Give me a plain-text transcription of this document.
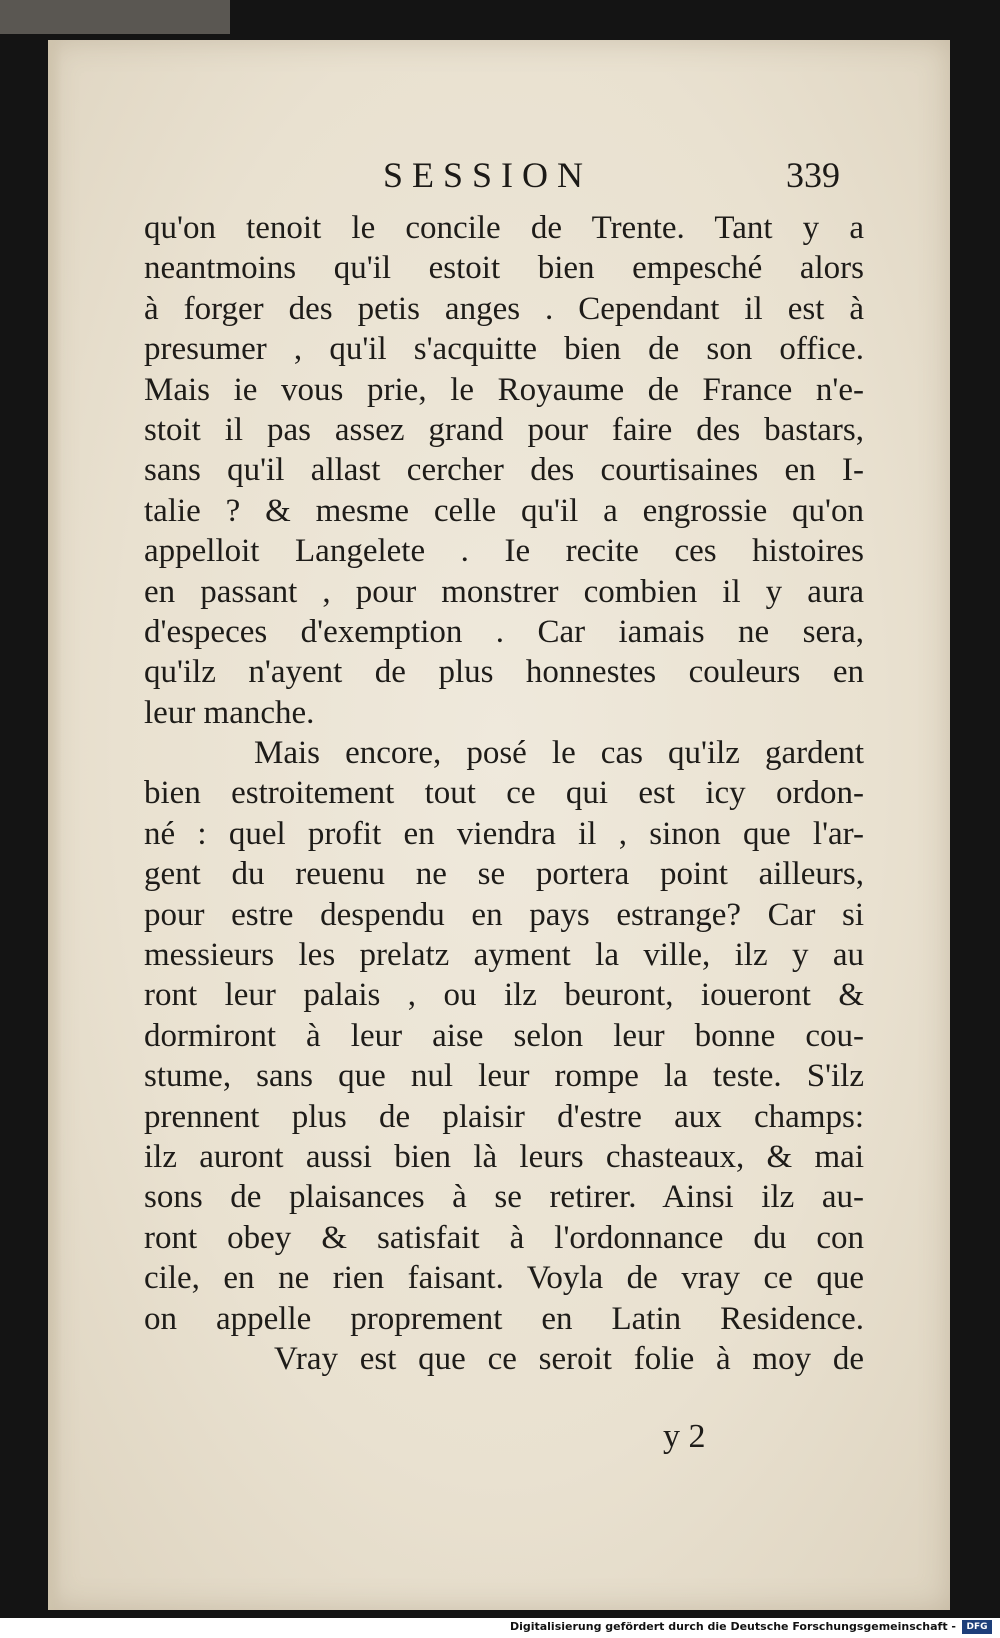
SESSION	339
qu'on tenoit le concile de Trente. Tant y a
neantmoins qu'il estoit bien empesché alors
à forger des petis anges . Cependant il est à
presumer , qu'il s'acquitte bien de son office.
Mais ie vous prie, le Royaume de France n'e-
stoit il pas assez grand pour faire des bastars,
sans qu'il allast cercher des courtisaines en I-
talie ? & mesme celle qu'il a engrossie qu'on
appelloit Langelete . Ie recite ces histoires
en passant , pour monstrer combien il y aura
d'especes d'exemption . Car iamais ne sera,
qu'ilz n'ayent de plus honnestes couleurs en
leur manche.
Mais encore, posé le cas qu'ilz gardent
bien estroitement tout ce qui est icy ordon-
né : quel profit en viendra il , sinon que l'ar-
gent du reuenu ne se portera point ailleurs,
pour estre despendu en pays estrange? Car si
messieurs les prelatz ayment la ville, ilz y au
ront leur palais , ou ilz beuront, ioueront &
dormiront à leur aise selon leur bonne cou-
stume, sans que nul leur rompe la teste. S'ilz
prennent plus de plaisir d'estre aux champs:
ilz auront aussi bien là leurs chasteaux, & mai
sons de plaisances à se retirer. Ainsi ilz au-
ront obey & satisfait à l'ordonnance du con
cile, en ne rien faisant. Voyla de vray ce que
on appelle proprement en Latin Residence.
Vray est que ce seroit folie à moy de
y 2
Digitalisierung gefördert durch die Deutsche Forschungsgemeinschaft -	DFG
